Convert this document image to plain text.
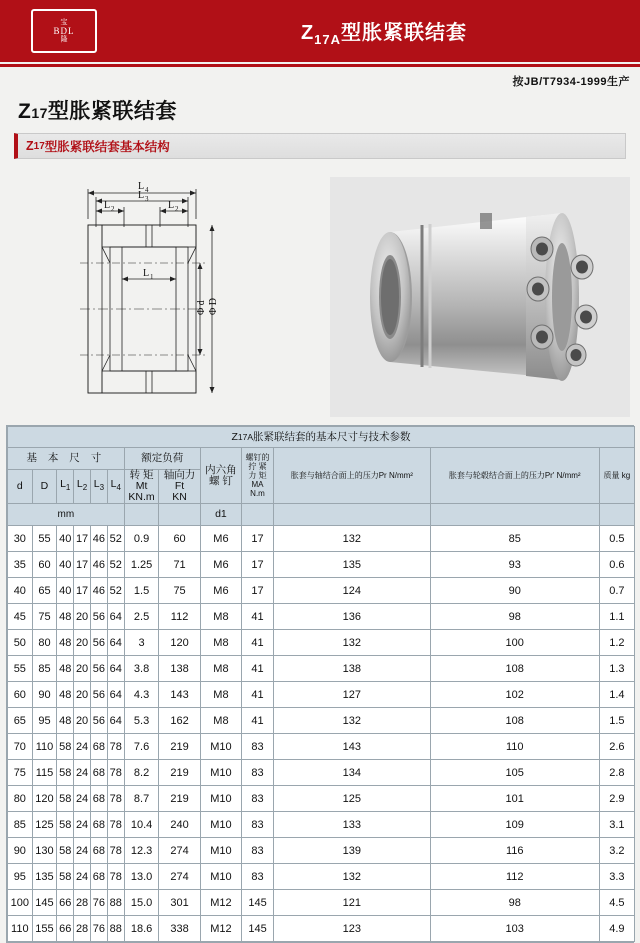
宝
BDL
隆	$Z_{17A}$型胀紧联结套
按JB/T7934-1999生产
Z17型胀紧联结套
Z 17 型胀紧联结套基本结构
L 4
L 3
L 2	L 2
L 1
Φ D
Φ d
Z17A胀紧联结套的基本尺寸与技术参数												
基 本 尺 寸	额定负荷	
内六角
螺 钉

螺钉的
拧 紧
力 矩
MA
N.m
	胀套与轴结合面上的压力Pr N/mm²	胀套与轮毂结合面上的压力Pr' N/mm²	质量 kg
d	D	$L_1$	$L_2$	$L_3$	$L_4$	
转 矩
Mt
KN.m

轴向力
Ft
KN

mm								d1				
30	55	40	17	46	52	0.9	60	M6	17	132	85	0.5
35	60	40	17	46	52	1.25	71	M6	17	135	93	0.6
40	65	40	17	46	52	1.5	75	M6	17	124	90	0.7
45	75	48	20	56	64	2.5	112	M8	41	136	98	1.1
50	80	48	20	56	64	3	120	M8	41	132	100	1.2
55	85	48	20	56	64	3.8	138	M8	41	138	108	1.3
60	90	48	20	56	64	4.3	143	M8	41	127	102	1.4
65	95	48	20	56	64	5.3	162	M8	41	132	108	1.5
70	110	58	24	68	78	7.6	219	M10	83	143	110	2.6
75	115	58	24	68	78	8.2	219	M10	83	134	105	2.8
80	120	58	24	68	78	8.7	219	M10	83	125	101	2.9
85	125	58	24	68	78	10.4	240	M10	83	133	109	3.1
90	130	58	24	68	78	12.3	274	M10	83	139	116	3.2
95	135	58	24	68	78	13.0	274	M10	83	132	112	3.3
100	145	66	28	76	88	15.0	301	M12	145	121	98	4.5
110	155	66	28	76	88	18.6	338	M12	145	123	103	4.9
